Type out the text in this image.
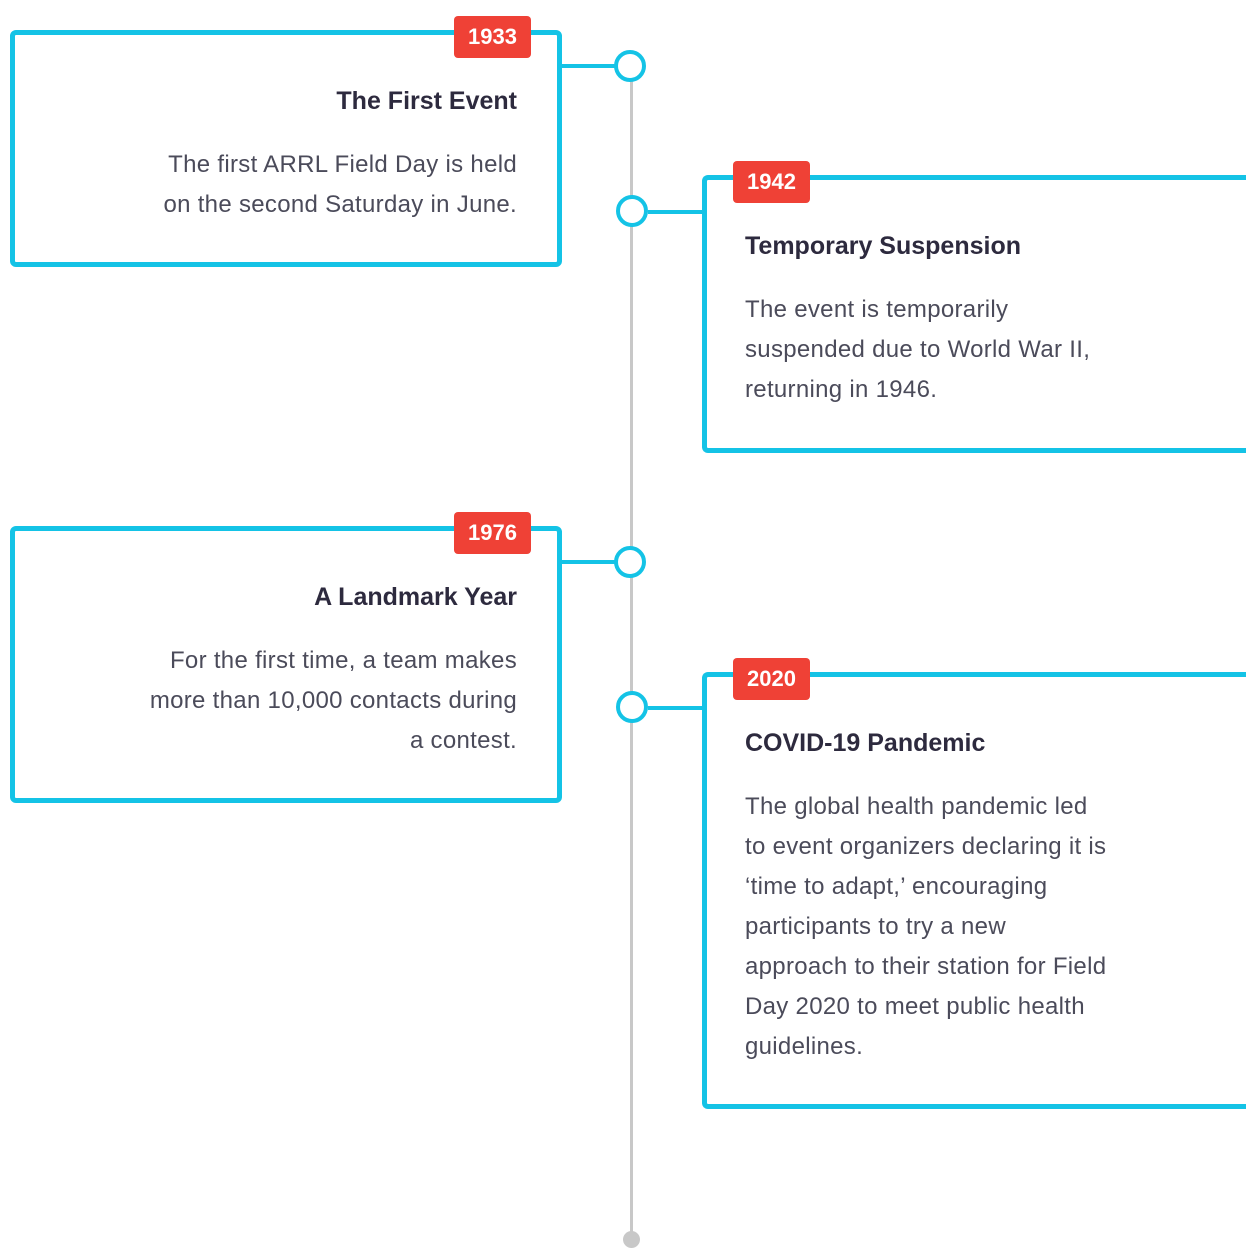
1933
The First Event

The first ARRL Field Day is held
on the second Saturday in June.

1942
Temporary Suspension

The event is temporarily
suspended due to World War II,
returning in 1946.

1976
A Landmark Year

For the first time, a team makes
more than 10,000 contacts during
a contest.

2020
COVID-19 Pandemic

The global health pandemic led
to event organizers declaring it is
‘time to adapt,’ encouraging
participants to try a new
approach to their station for Field
Day 2020 to meet public health
guidelines.
